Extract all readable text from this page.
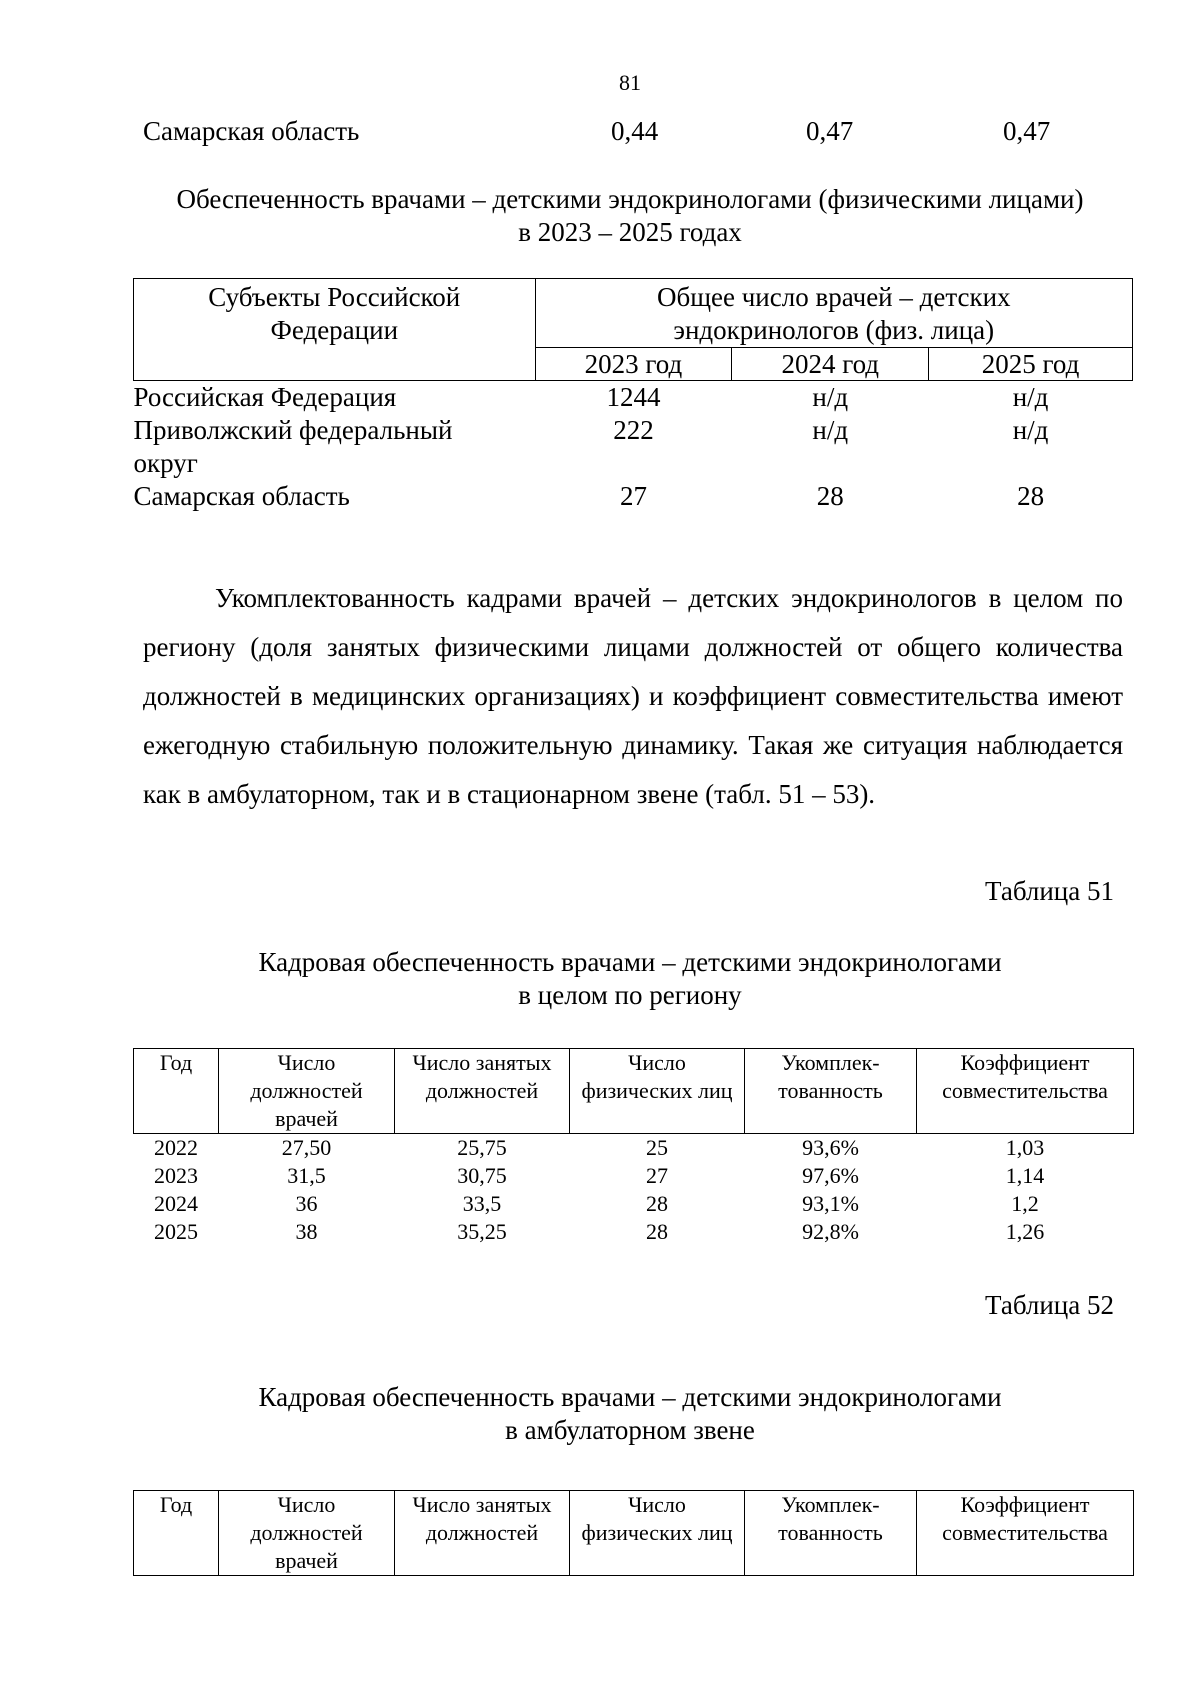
81
Самарская область	0,44	0,47	0,47
Обеспеченность врачами – детскими эндокринологами (физическими лицами)
в 2023 – 2025 годах
Субъекты Российской Федерации	Общее число врачей – детских эндокринологов (физ. лица)		
	2023 год	2024 год	2025 год
Российская Федерация	1244	н/д	н/д
Приволжский федеральный округ	222	н/д	н/д
Самарская область	27	28	28
Укомплектованность кадрами врачей – детских эндокринологов в целом по региону (доля занятых физическими лицами должностей от общего количества должностей в медицинских организациях) и коэффициент совместительства имеют ежегодную стабильную положительную динамику. Такая же ситуация наблюдается как в амбулаторном, так и в стационарном звене (табл. 51 – 53).
Таблица 51
Кадровая обеспеченность врачами – детскими эндокринологами
в целом по региону
Год	Число должностей врачей	Число занятых должностей	Число физических лиц	Укомплек-тованность	Коэффициент совместительства
2022	27,50	25,75	25	93,6%	1,03
2023	31,5	30,75	27	97,6%	1,14
2024	36	33,5	28	93,1%	1,2
2025	38	35,25	28	92,8%	1,26
Таблица 52
Кадровая обеспеченность врачами – детскими эндокринологами
в амбулаторном звене
Год	Число должностей врачей	Число занятых должностей	Число физических лиц	Укомплек-тованность	Коэффициент совместительства
